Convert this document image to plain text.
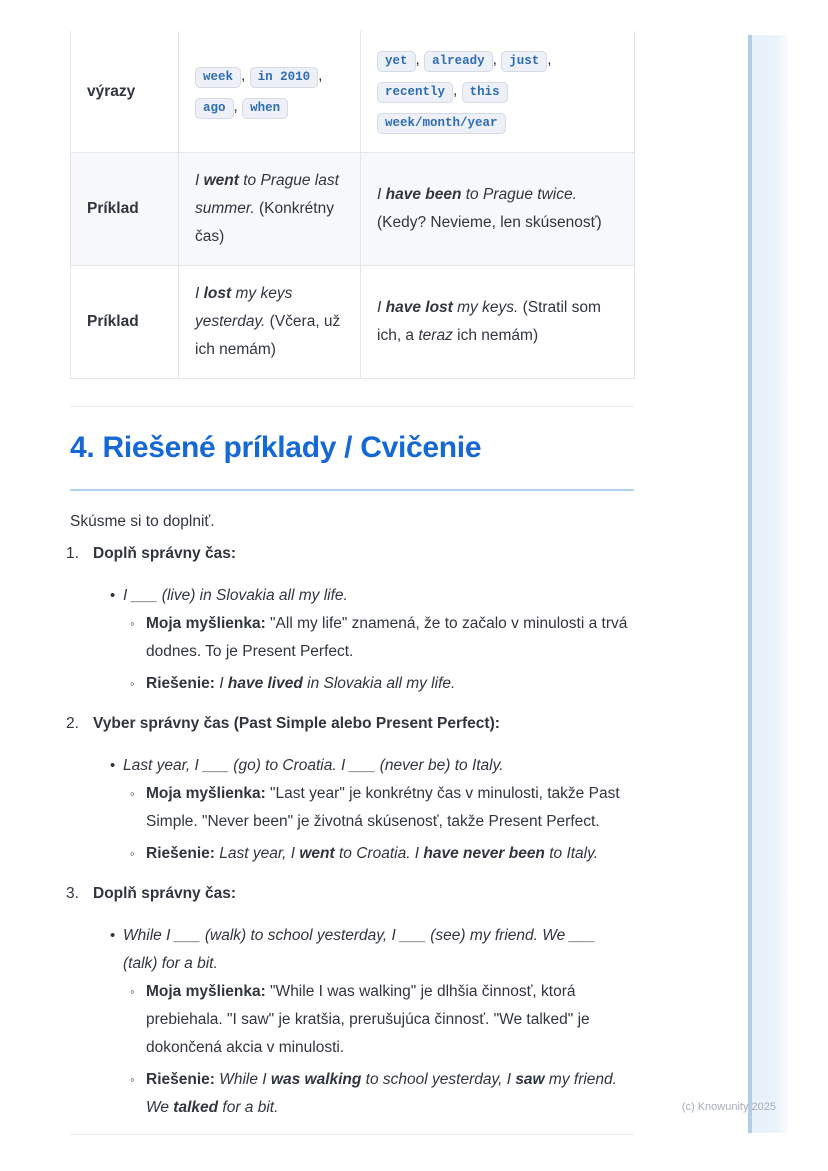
(c) Knowunity 2025
výrazy	week , in 2010 , ago , when	yet , already , just , recently , this week/month/year
Príklad	I went to Prague last summer. (Konkrétny čas)	I have been to Prague twice. (Kedy? Nevieme, len skúsenosť)
Príklad	I lost my keys yesterday. (Včera, už ich nemám)	I have lost my keys. (Stratil som ich, a teraz ich nemám)
4. Riešené príklady / Cvičenie

Skúsme si to doplniť.

1. Doplň správny čas:
• I ___ (live) in Slovakia all my life.
◦ Moja myšlienka: "All my life" znamená, že to začalo v minulosti a trvá dodnes. To je Present Perfect.
◦ Riešenie: I have lived in Slovakia all my life.
2. Vyber správny čas (Past Simple alebo Present Perfect):
• Last year, I ___ (go) to Croatia. I ___ (never be) to Italy.
◦ Moja myšlienka: "Last year" je konkrétny čas v minulosti, takže Past Simple. "Never been" je životná skúsenosť, takže Present Perfect.
◦ Riešenie: Last year, I went to Croatia. I have never been to Italy.
3. Doplň správny čas:
• While I ___ (walk) to school yesterday, I ___ (see) my friend. We ___ (talk) for a bit.
◦ Moja myšlienka: "While I was walking" je dlhšia činnosť, ktorá prebiehala. "I saw" je kratšia, prerušujúca činnosť. "We talked" je dokončená akcia v minulosti.
◦ Riešenie: While I was walking to school yesterday, I saw my friend. We talked for a bit.
